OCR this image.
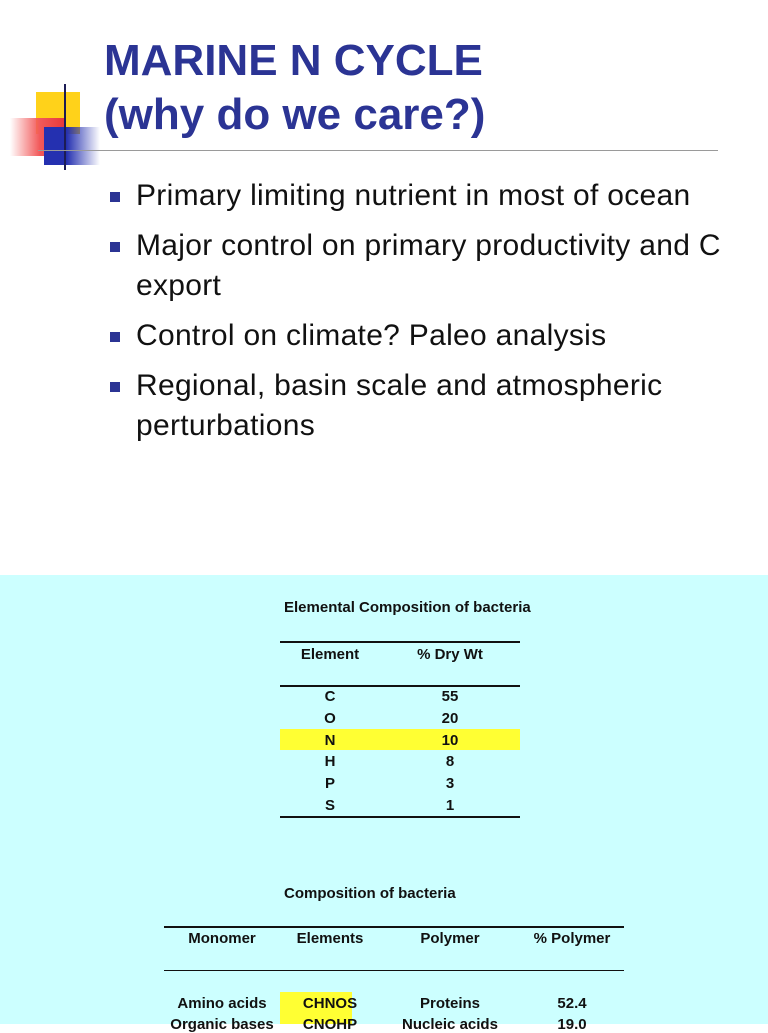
MARINE N CYCLE
(why do we care?)
Primary limiting nutrient in most of ocean
Major control on primary productivity and C export
Control on climate? Paleo analysis
Regional, basin scale and atmospheric perturbations
Elemental Composition of bacteria
Element	% Dry Wt
C	55
O	20
N	10
H	8
P	3
S	1
Composition of bacteria
Monomer	Elements	Polymer	% Polymer
Amino acids	CHNOS	Proteins	52.4
Organic bases	CNOHP	Nucleic acids	19.0
